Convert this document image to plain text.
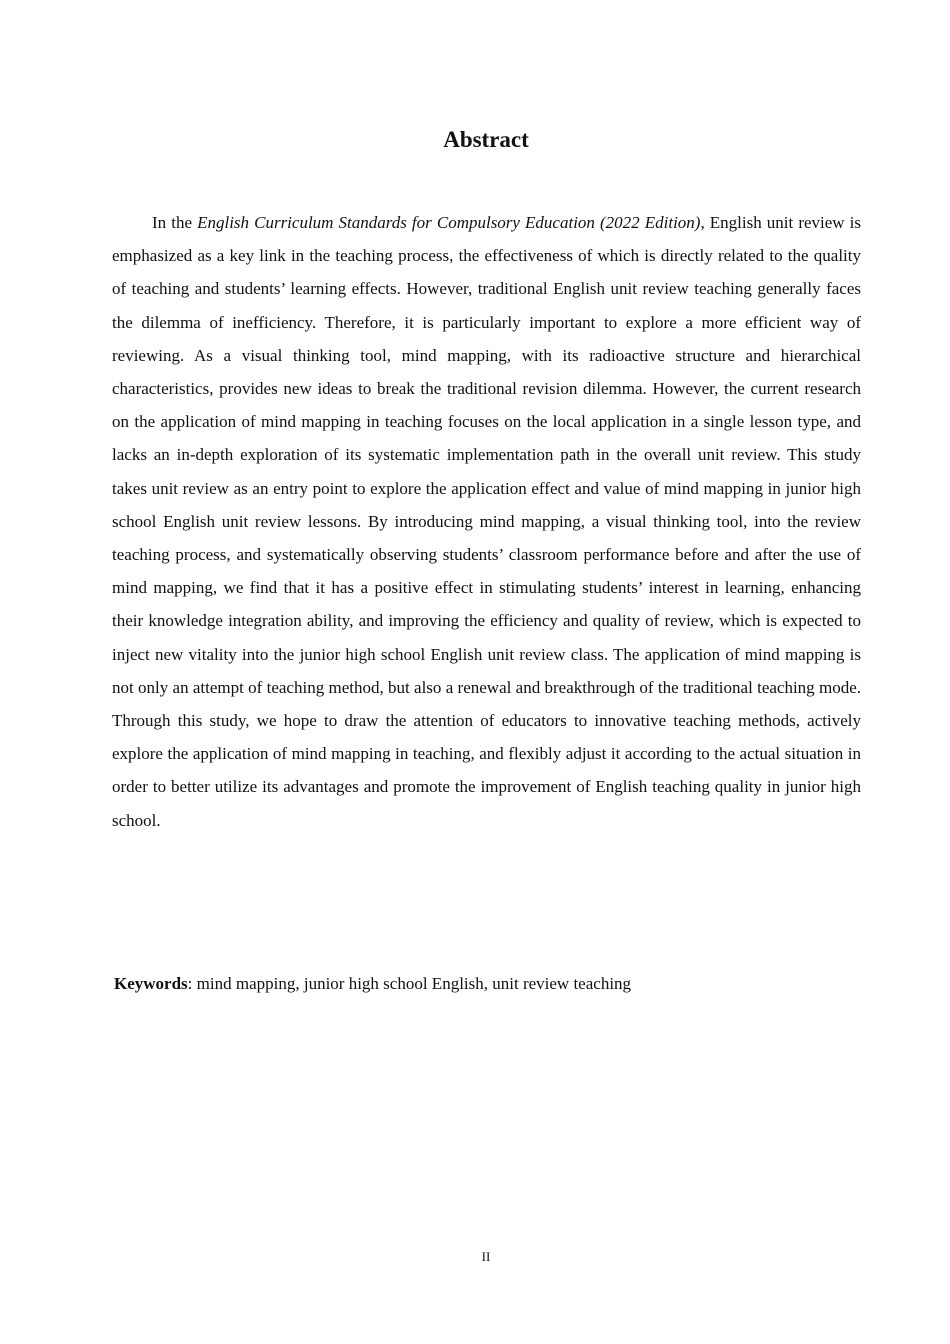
Abstract

In the English Curriculum Standards for Compulsory Education (2022 Edition), English unit review is emphasized as a key link in the teaching process, the effectiveness of which is directly related to the quality of teaching and students’ learning effects. However, traditional English unit review teaching generally faces the dilemma of inefficiency. Therefore, it is particularly important to explore a more efficient way of reviewing. As a visual thinking tool, mind mapping, with its radioactive structure and hierarchical characteristics, provides new ideas to break the traditional revision dilemma. However, the current research on the application of mind mapping in teaching focuses on the local application in a single lesson type, and lacks an in-depth exploration of its systematic implementation path in the overall unit review. This study takes unit review as an entry point to explore the application effect and value of mind mapping in junior high school English unit review lessons. By introducing mind mapping, a visual thinking tool, into the review teaching process, and systematically observing students’ classroom performance before and after the use of mind mapping, we find that it has a positive effect in stimulating students’ interest in learning, enhancing their knowledge integration ability, and improving the efficiency and quality of review, which is expected to inject new vitality into the junior high school English unit review class. The application of mind mapping is not only an attempt of teaching method, but also a renewal and breakthrough of the traditional teaching mode. Through this study, we hope to draw the attention of educators to innovative teaching methods, actively explore the application of mind mapping in teaching, and flexibly adjust it according to the actual situation in order to better utilize its advantages and promote the improvement of English teaching quality in junior high school.

Keywords: mind mapping, junior high school English, unit review teaching

II
